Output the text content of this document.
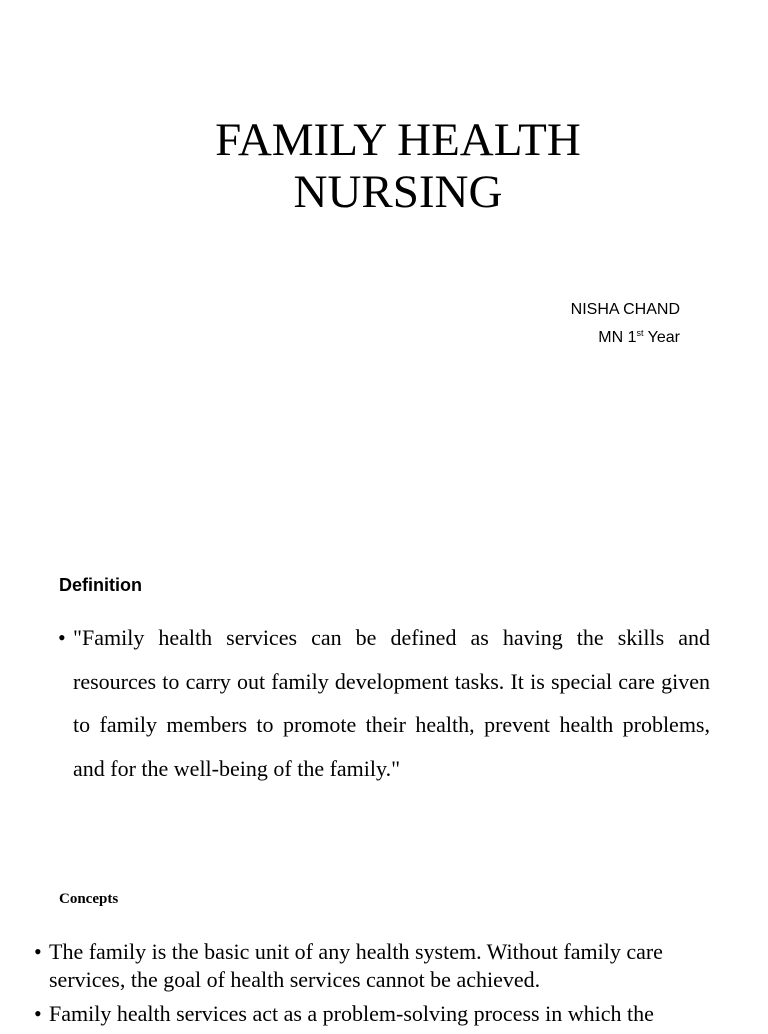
FAMILY HEALTH
NURSING
NISHA CHAND
MN 1st Year
Definition

• "Family health services can be defined as having the skills and resources to carry out family development tasks. It is special care given to family members to promote their health, prevent health problems, and for the well-being of the family."

Concepts
• The family is the basic unit of any health system. Without family care services, the goal of health services cannot be achieved.
• Family health services act as a problem-solving process in which the
